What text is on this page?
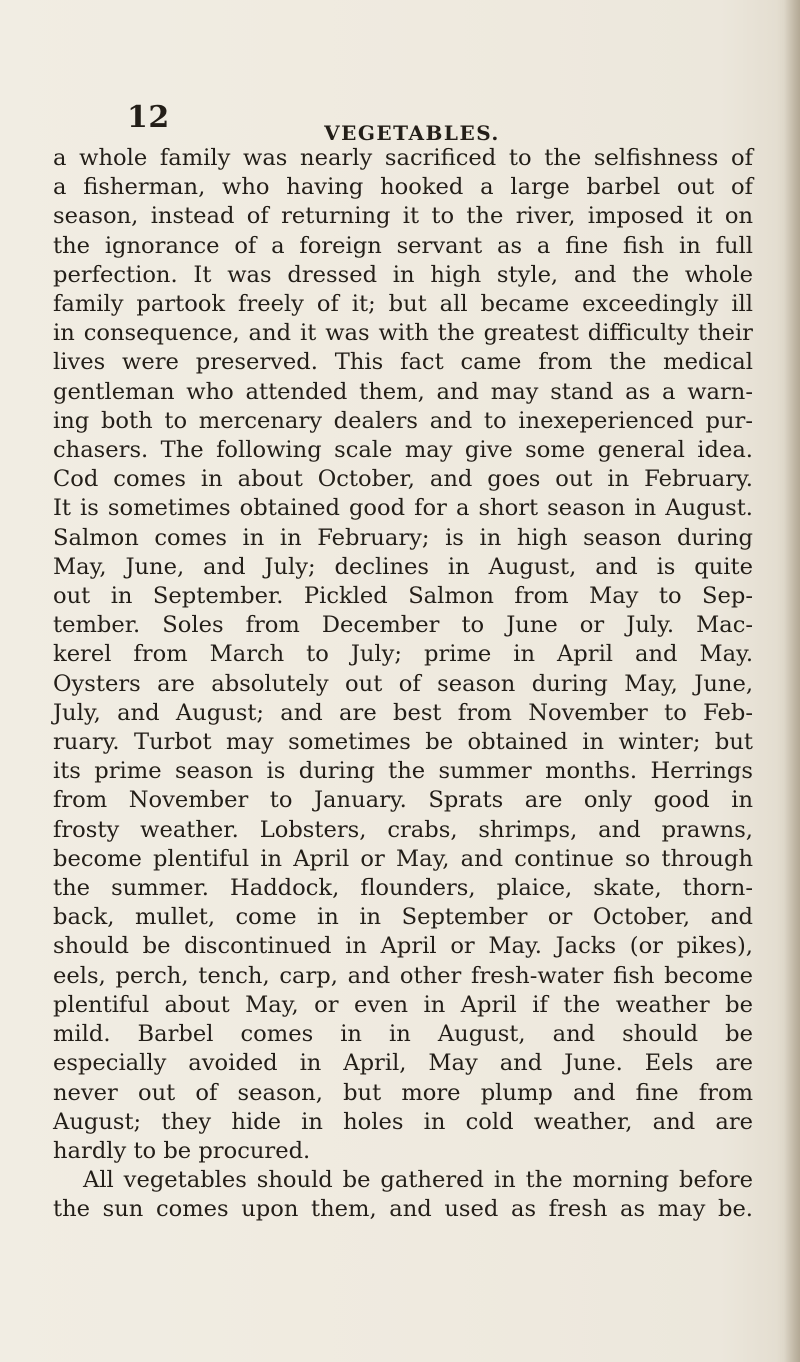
12	VEGETABLES.
a whole family was nearly sacrificed to the selfishness of
a fisherman, who having hooked a large barbel out of
season, instead of returning it to the river, imposed it on
the ignorance of a foreign servant as a fine fish in full
perfection. It was dressed in high style, and the whole
family partook freely of it; but all became exceedingly ill
in consequence, and it was with the greatest difficulty their
lives were preserved. This fact came from the medical
gentleman who attended them, and may stand as a warn-
ing both to mercenary dealers and to inexeperienced pur-
chasers. The following scale may give some general idea.
Cod comes in about October, and goes out in February.
It is sometimes obtained good for a short season in August.
Salmon comes in in February; is in high season during
May, June, and July; declines in August, and is quite
out in September. Pickled Salmon from May to Sep-
tember. Soles from December to June or July. Mac-
kerel from March to July; prime in April and May.
Oysters are absolutely out of season during May, June,
July, and August; and are best from November to Feb-
ruary. Turbot may sometimes be obtained in winter; but
its prime season is during the summer months. Herrings
from November to January. Sprats are only good in
frosty weather. Lobsters, crabs, shrimps, and prawns,
become plentiful in April or May, and continue so through
the summer. Haddock, flounders, plaice, skate, thorn-
back, mullet, come in in September or October, and
should be discontinued in April or May. Jacks (or pikes),
eels, perch, tench, carp, and other fresh-water fish become
plentiful about May, or even in April if the weather be
mild. Barbel comes in in August, and should be
especially avoided in April, May and June. Eels are
never out of season, but more plump and fine from
August; they hide in holes in cold weather, and are
hardly to be procured.
All vegetables should be gathered in the morning before
the sun comes upon them, and used as fresh as may be.
